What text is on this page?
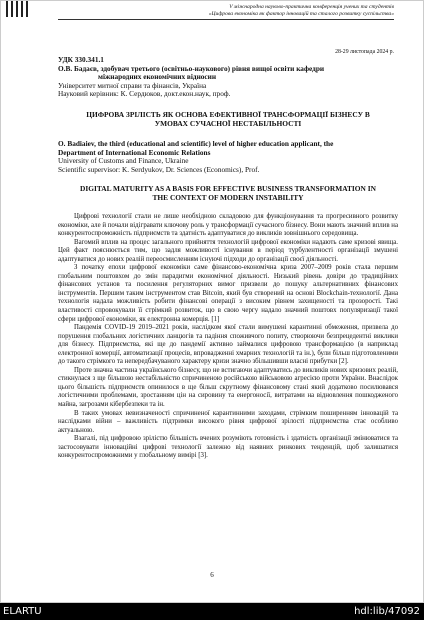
V міжнародна науково-практична конференція учених та студентів
«Цифрова економіка як фактор інновацій та сталого розвитку суспільства»
28-29 листопада 2024 р.

УДК 330.341.1

О.В. Бадаєв, здобувач третього (освітньо-наукового) рівня вищої освіти кафедри

міжнародних економічних відносин

Університет митної справи та фінансів, Україна

Науковий керівник: К. Сердюков, докт.екон.наук, проф.

ЦИФРОВА ЗРІЛІСТЬ ЯК ОСНОВА ЕФЕКТИВНОЇ ТРАНСФОРМАЦІЇ БІЗНЕСУ В

УМОВАХ СУЧАСНОЇ НЕСТАБІЛЬНОСТІ

O. Badiaiev, the third (educational and scientific) level of higher education applicant, the

Department of International Economic Relations

University of Customs and Finance, Ukraine

Scientific supervisor: K. Serdyukov, Dr. Sciences (Economics), Prof.

DIGITAL MATURITY AS A BASIS FOR EFFECTIVE BUSINESS TRANSFORMATION IN

THE CONTEXT OF MODERN INSTABILITY

Цифрові технології стали не лише необхідною складовою для функціонування та прогресивного розвитку економіки, але й почали відігравати ключову роль у трансформації сучасного бізнесу. Вони мають значний вплив на конкурентоспроможність підприємств та здатність адаптуватися до викликів зовнішнього середовища.

Вагомий вплив на процес загального прийняття технологій цифрової економіки надають саме кризові явища. Цей факт пояснюється тим, що задля можливості існування в період турбулентності організації змушені адаптуватися до нових реалій переосмисленням існуючі підходи до організації своєї діяльності.

З початку епохи цифрової економіки саме фінансово-економічна криза 2007–2009 років стала першим глобальним поштовхом до змін парадигми економічної діяльності. Низький рівень довіри до традиційних фінансових установ та посилення регуляторних вимог призвели до пошуку альтернативних фінансових інструментів. Першим таким інструментом став Bitcoin, який був створений на основі Blockchain-технології. Дана технологія надала можливість робити фінансові операції з високим рівнем захищеності та прозорості. Такі властивості спровокували її стрімкий розвиток, що в свою чергу надало значний поштовх популяризації такої сфери цифрової економіки, як електронна комерція. [1]

Пандемія COVID-19 2019–2021 років, наслідком якої стали вимушені карантинні обмеження, призвела до порушення глобальних логістичних ланцюгів та падіння споживчого попиту, створюючи безпрецедентні виклики для бізнесу. Підприємства, які ще до пандемії активно займалися цифровою трансформацією (в наприклад електронної комерції, автоматизації процесів, впровадженні хмарних технологій та ін.), були більш підготовленими до такого стрімкого та непередбачуваного характеру кризи значно збільшивши власні прибутки [2].

Проте значна частина українського бізнесу, що не встигаючи адаптуватись до викликів нових кризових реалій, стикнулася з ще більшою нестабільністю спричиненою російською військовою агресією проти України. Внаслідок цього більшість підприємств опинилося в ще більш скрутному фінансовому стані який додатково посилювався логістичними проблемами, зростанням цін на сировину та енергоносії, витратами на відновлення пошкодженого майна, загрозами кібербезпеки та ін.

В таких умовах невизначеності спричиненої карантинними заходами, стрімким поширенням інновацій та наслідками війни – важливість підтримки високого рівня цифрової зрілості підприємства стає особливо актуальною.

Взагалі, під цифровою зрілістю більшість вчених розуміють готовність і здатність організації змінюватися та застосовувати інноваційні цифрові технології залежно від наявних ринкових тенденцій, щоб залишатися конкурентоспроможними у глобальному вимірі [3].

6
ELARTU	hdl:lib/47092
